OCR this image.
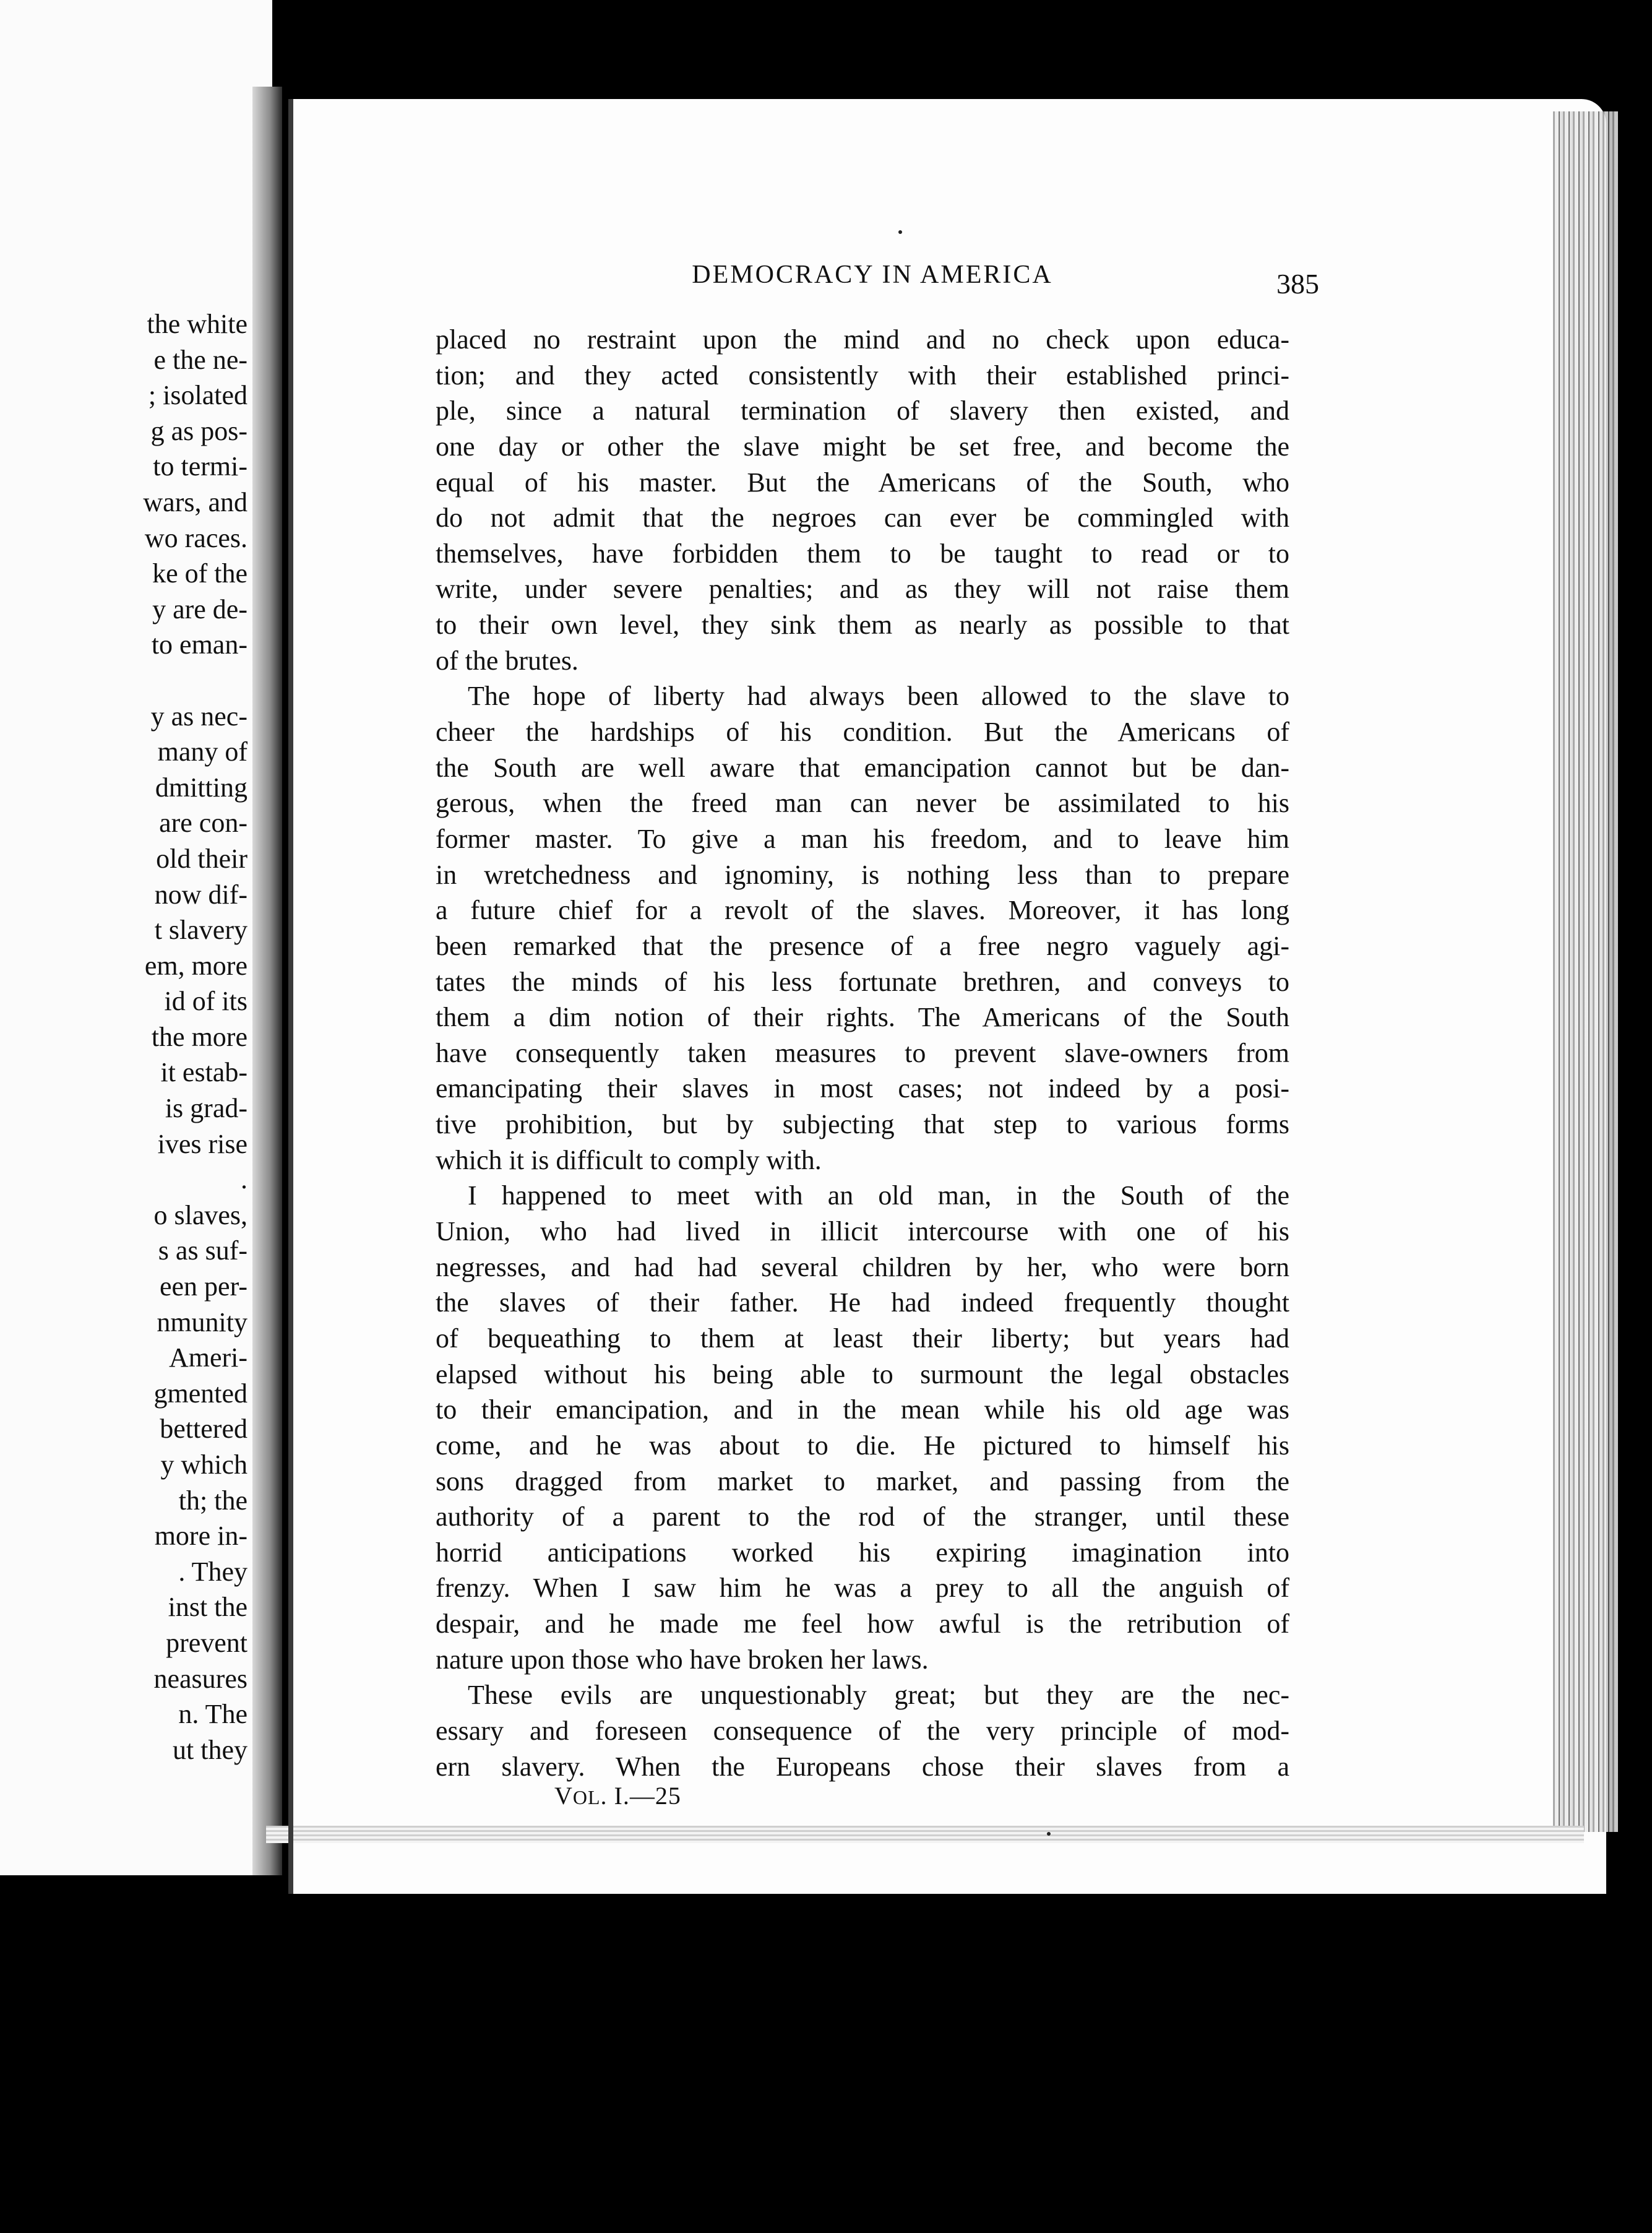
the white
e the ne-
; isolated
g as pos-
to termi-
wars, and
wo races.
ke of the
y are de-
to eman-
y as nec-
many of
dmitting
are con-
old their
now dif-
t slavery
em, more
id of its
the more
it estab-
is grad-
ives rise
.
o slaves,
s as suf-
een per-
nmunity
Ameri-
gmented
bettered
y which
th; the
more in-
. They
inst the
prevent
neasures
n. The
ut they
DEMOCRACY IN AMERICA	385
placed no restraint upon the mind and no check upon educa-
tion; and they acted consistently with their established princi-
ple, since a natural termination of slavery then existed, and
one day or other the slave might be set free, and become the
equal of his master. But the Americans of the South, who
do not admit that the negroes can ever be commingled with
themselves, have forbidden them to be taught to read or to
write, under severe penalties; and as they will not raise them
to their own level, they sink them as nearly as possible to that
of the brutes.
The hope of liberty had always been allowed to the slave to
cheer the hardships of his condition. But the Americans of
the South are well aware that emancipation cannot but be dan-
gerous, when the freed man can never be assimilated to his
former master. To give a man his freedom, and to leave him
in wretchedness and ignominy, is nothing less than to prepare
a future chief for a revolt of the slaves. Moreover, it has long
been remarked that the presence of a free negro vaguely agi-
tates the minds of his less fortunate brethren, and conveys to
them a dim notion of their rights. The Americans of the South
have consequently taken measures to prevent slave-owners from
emancipating their slaves in most cases; not indeed by a posi-
tive prohibition, but by subjecting that step to various forms
which it is difficult to comply with.
I happened to meet with an old man, in the South of the
Union, who had lived in illicit intercourse with one of his
negresses, and had had several children by her, who were born
the slaves of their father. He had indeed frequently thought
of bequeathing to them at least their liberty; but years had
elapsed without his being able to surmount the legal obstacles
to their emancipation, and in the mean while his old age was
come, and he was about to die. He pictured to himself his
sons dragged from market to market, and passing from the
authority of a parent to the rod of the stranger, until these
horrid anticipations worked his expiring imagination into
frenzy. When I saw him he was a prey to all the anguish of
despair, and he made me feel how awful is the retribution of
nature upon those who have broken her laws.
These evils are unquestionably great; but they are the nec-
essary and foreseen consequence of the very principle of mod-
ern slavery. When the Europeans chose their slaves from a
VOL. I.—25
